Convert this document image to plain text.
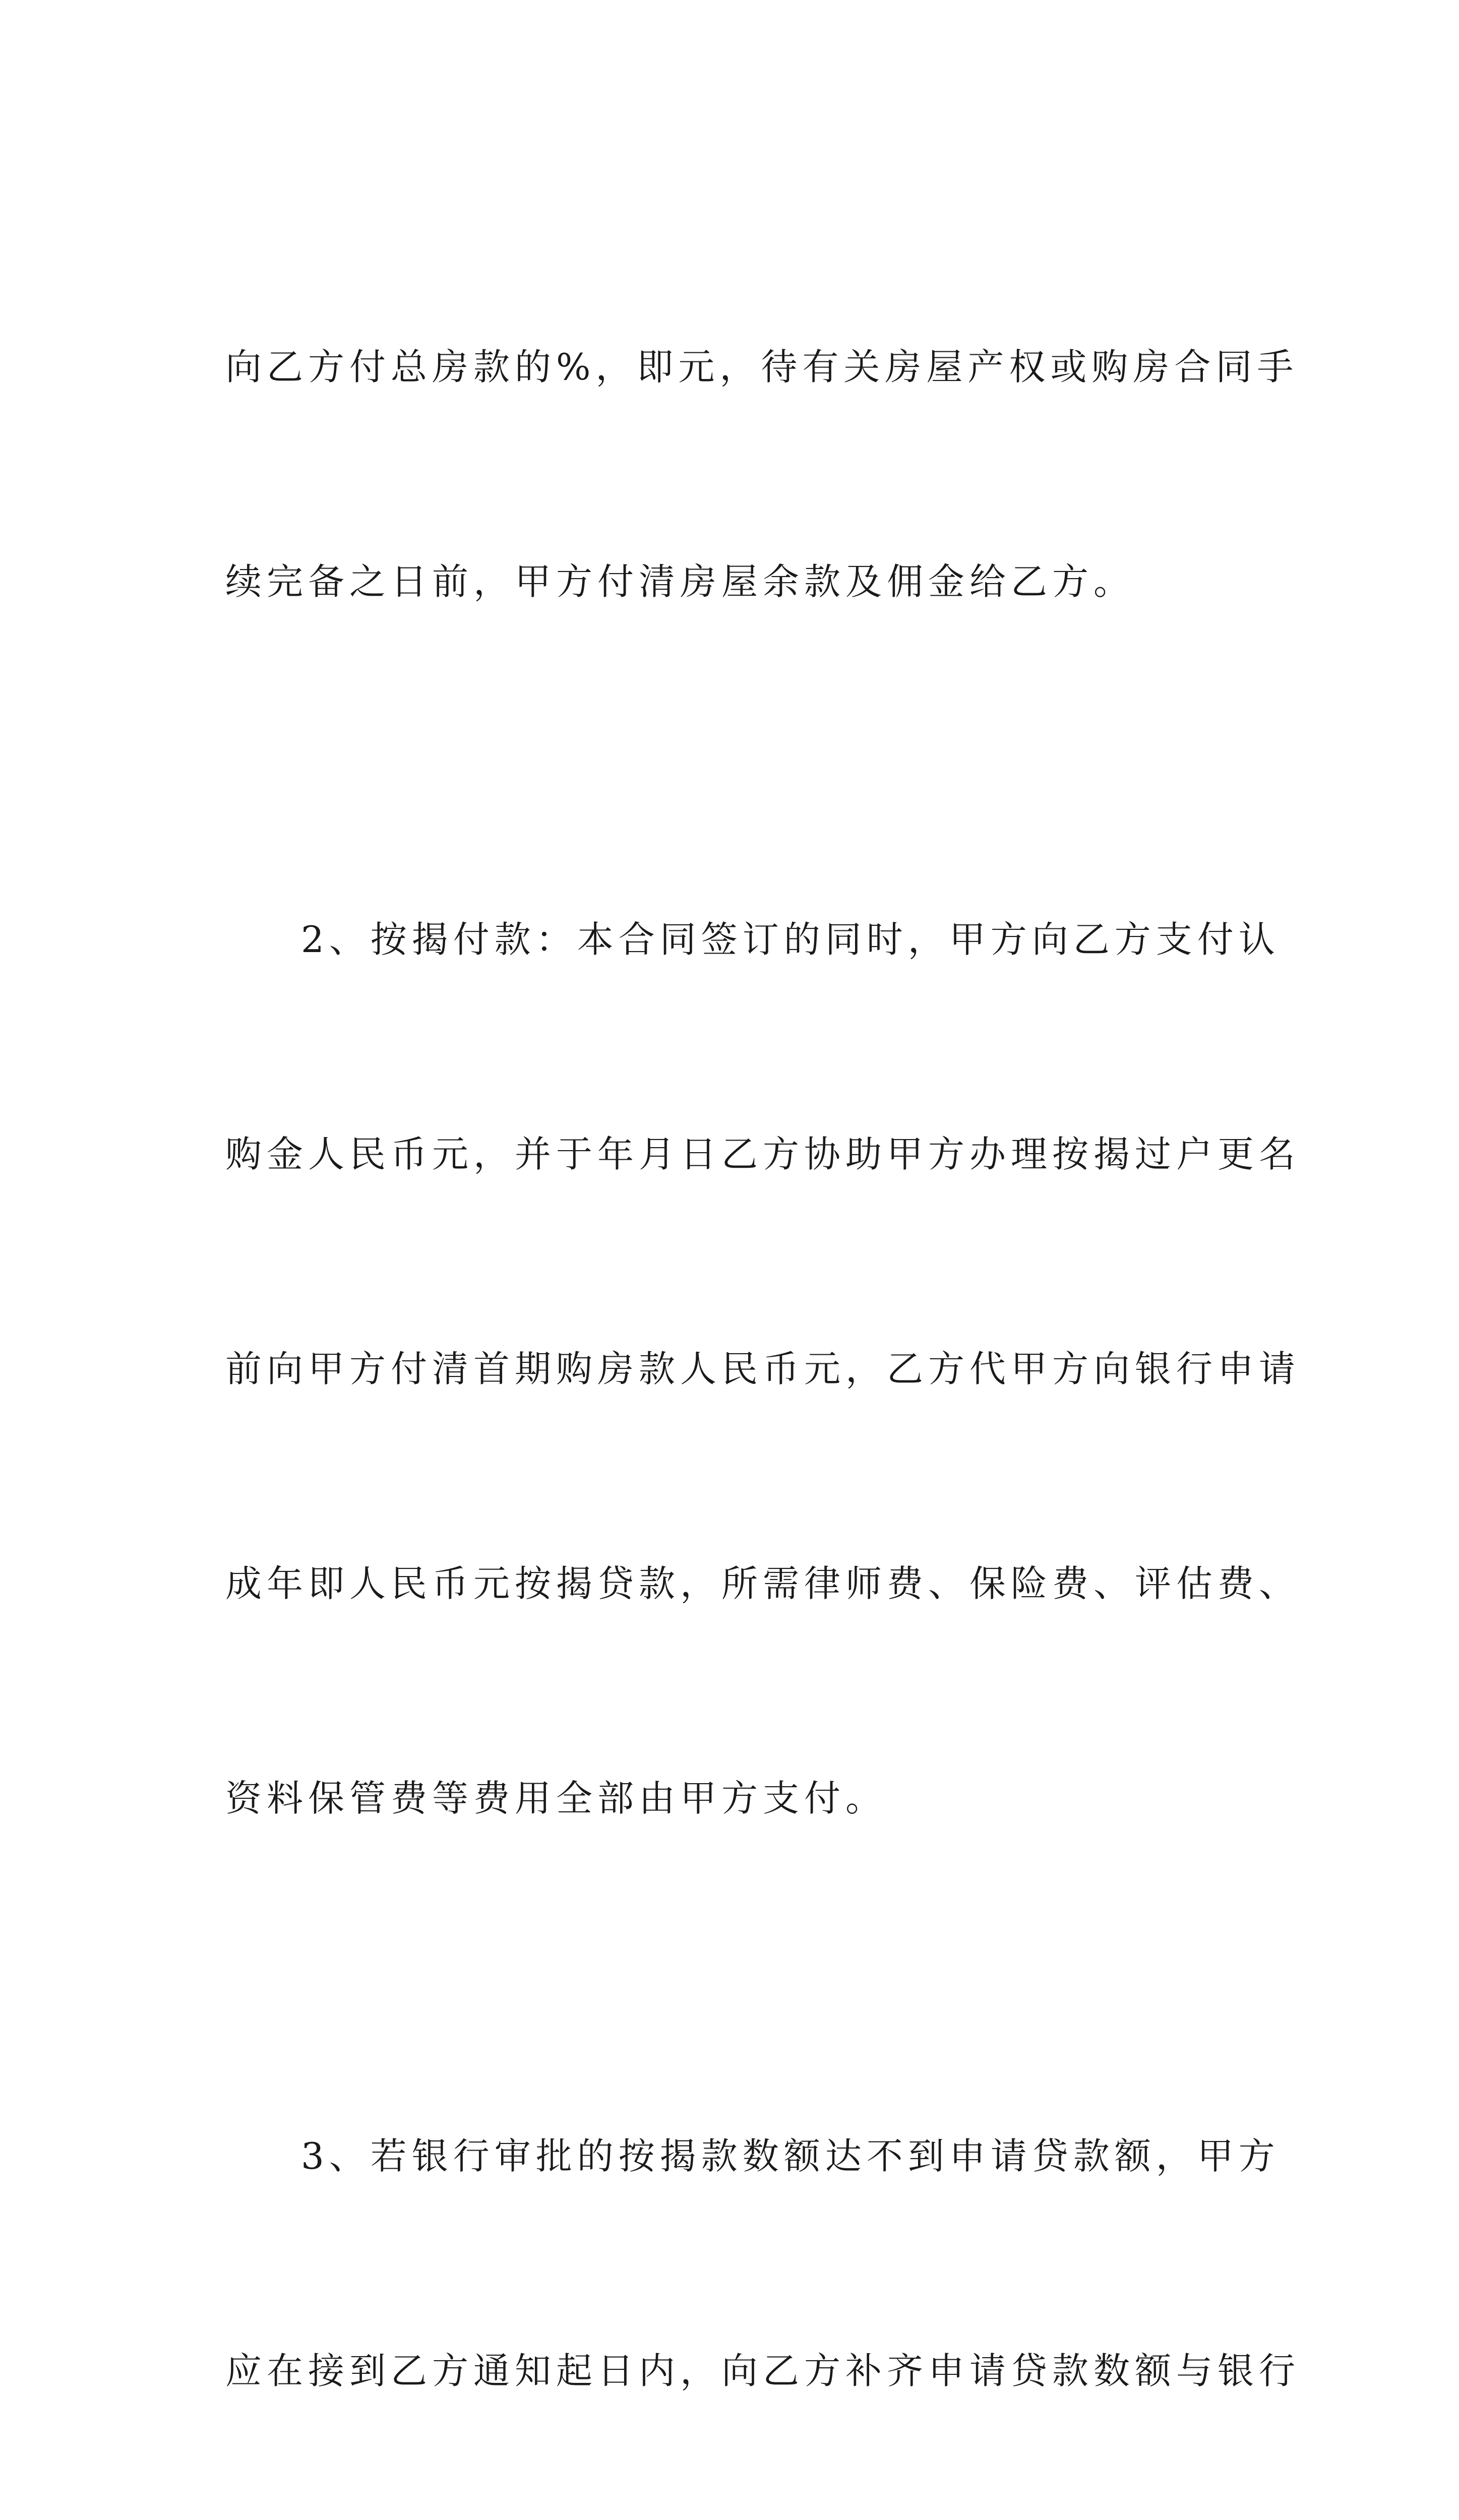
向乙方付总房款的%，即元，待有关房屋产权或购房合同手

续完备之日前，甲方付清房屋余款及佣金给乙方。

2、按揭付款：本合同签订的同时，甲方向乙方支付认

购金人民币元，并于年月日乙方协助甲方办理按揭过户更名

前向甲方付清首期购房款人民币元，乙方代甲方向银行申请

成年即人民币元按揭贷款，所需律师费、保险费、评估费、

资料保管费等费用全部由甲方支付。

3、若银行审批的按揭款数额达不到申请贷款额，甲方

应在接到乙方通知起日内，向乙方补齐申请贷款数额与银行
